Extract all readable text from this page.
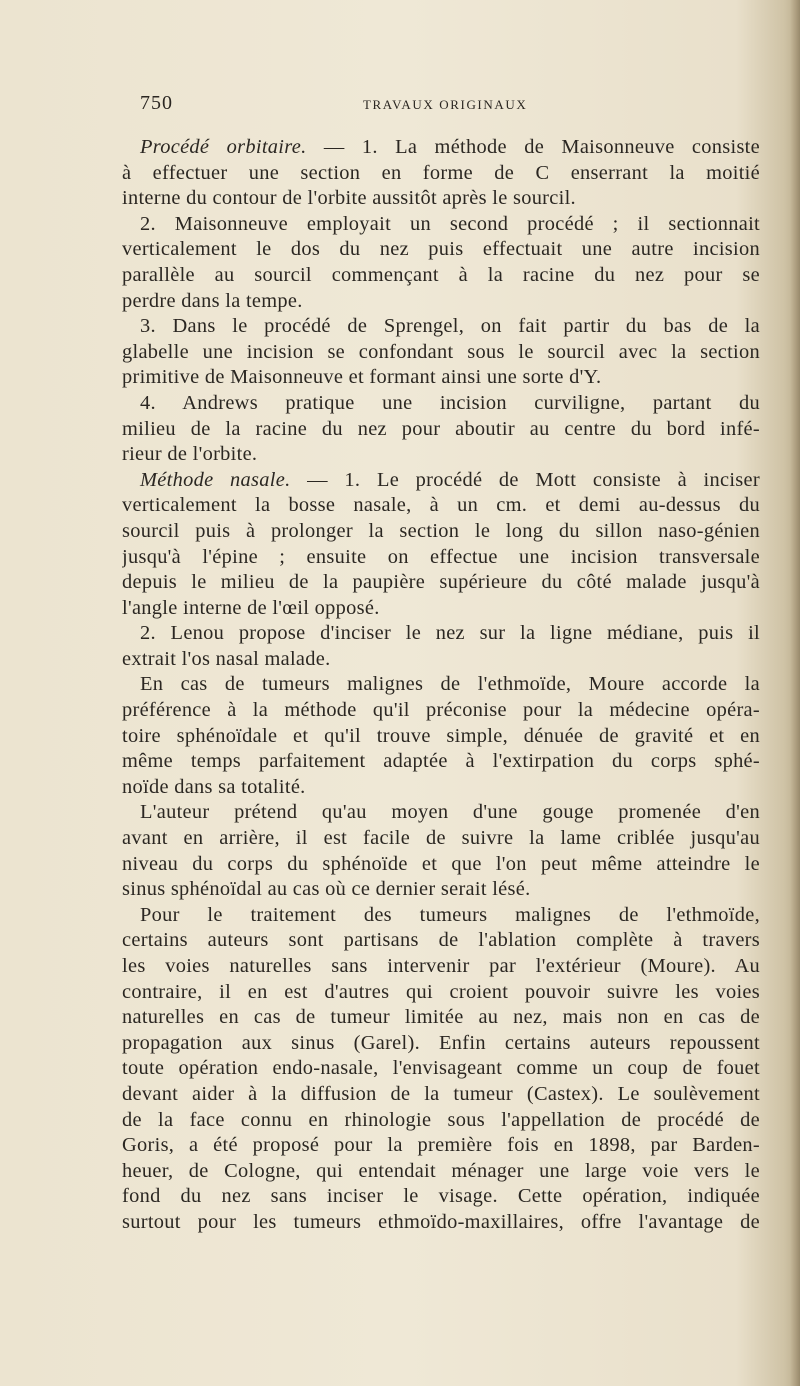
750	TRAVAUX ORIGINAUX
Procédé orbitaire. — 1. La méthode de Maisonneuve consiste
à effectuer une section en forme de C enserrant la moitié
interne du contour de l'orbite aussitôt après le sourcil.
2. Maisonneuve employait un second procédé ; il sectionnait
verticalement le dos du nez puis effectuait une autre incision
parallèle au sourcil commençant à la racine du nez pour se
perdre dans la tempe.
3. Dans le procédé de Sprengel, on fait partir du bas de la
glabelle une incision se confondant sous le sourcil avec la section
primitive de Maisonneuve et formant ainsi une sorte d'Y.
4. Andrews pratique une incision curviligne, partant du
milieu de la racine du nez pour aboutir au centre du bord infé-
rieur de l'orbite.
Méthode nasale. — 1. Le procédé de Mott consiste à inciser
verticalement la bosse nasale, à un cm. et demi au-dessus du
sourcil puis à prolonger la section le long du sillon naso-génien
jusqu'à l'épine ; ensuite on effectue une incision transversale
depuis le milieu de la paupière supérieure du côté malade jusqu'à
l'angle interne de l'œil opposé.
2. Lenou propose d'inciser le nez sur la ligne médiane, puis il
extrait l'os nasal malade.
En cas de tumeurs malignes de l'ethmoïde, Moure accorde la
préférence à la méthode qu'il préconise pour la médecine opéra-
toire sphénoïdale et qu'il trouve simple, dénuée de gravité et en
même temps parfaitement adaptée à l'extirpation du corps sphé-
noïde dans sa totalité.
L'auteur prétend qu'au moyen d'une gouge promenée d'en
avant en arrière, il est facile de suivre la lame criblée jusqu'au
niveau du corps du sphénoïde et que l'on peut même atteindre le
sinus sphénoïdal au cas où ce dernier serait lésé.
Pour le traitement des tumeurs malignes de l'ethmoïde,
certains auteurs sont partisans de l'ablation complète à travers
les voies naturelles sans intervenir par l'extérieur (Moure). Au
contraire, il en est d'autres qui croient pouvoir suivre les voies
naturelles en cas de tumeur limitée au nez, mais non en cas de
propagation aux sinus (Garel). Enfin certains auteurs repoussent
toute opération endo-nasale, l'envisageant comme un coup de fouet
devant aider à la diffusion de la tumeur (Castex). Le soulèvement
de la face connu en rhinologie sous l'appellation de procédé de
Goris, a été proposé pour la première fois en 1898, par Barden-
heuer, de Cologne, qui entendait ménager une large voie vers le
fond du nez sans inciser le visage. Cette opération, indiquée
surtout pour les tumeurs ethmoïdo-maxillaires, offre l'avantage de
